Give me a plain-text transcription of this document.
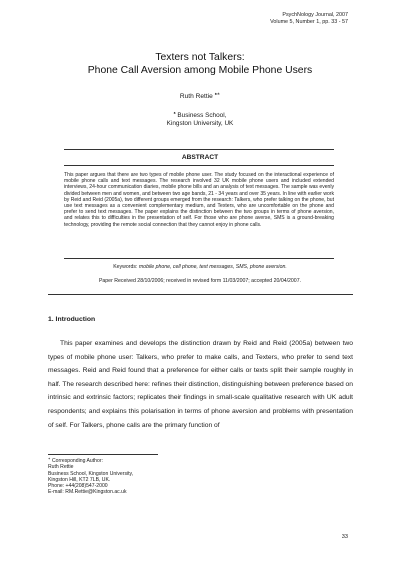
PsychNology Journal, 2007
Volume 5, Number 1, pp. 33 - 57
Texters not Talkers:
Phone Call Aversion among Mobile Phone Users
Ruth Rettie ♠∗
♠ Business School,
Kingston University, UK
ABSTRACT
This paper argues that there are two types of mobile phone user. The study focused on the interactional experience of mobile phone calls and text messages. The research involved 32 UK mobile phone users and included extended interviews, 24-hour communication diaries, mobile phone bills and an analysis of text messages. The sample was evenly divided between men and women, and between two age bands, 21 - 34 years and over 35 years. In line with earlier work by Reid and Reid (2005a), two different groups emerged from the research: Talkers, who prefer talking on the phone, but use text messages as a convenient complementary medium, and Texters, who are uncomfortable on the phone and prefer to send text messages. The paper explains the distinction between the two groups in terms of phone aversion, and relates this to difficulties in the presentation of self. For those who are phone averse, SMS is a ground-breaking technology, providing the remote social connection that they cannot enjoy in phone calls.
Keywords: mobile phone, cell phone, text messages, SMS, phone aversion.
Paper Received 28/10/2006; received in revised form 11/03/2007; accepted 20/04/2007.
1. Introduction
This paper examines and develops the distinction drawn by Reid and Reid (2005a) between two types of mobile phone user: Talkers, who prefer to make calls, and Texters, who prefer to send text messages. Reid and Reid found that a preference for either calls or texts split their sample roughly in half. The research described here: refines their distinction, distinguishing between preference based on intrinsic and extrinsic factors; replicates their findings in small-scale qualitative research with UK adult respondents; and explains this polarisation in terms of phone aversion and problems with presentation of self. For Talkers, phone calls are the primary function of
∗ Corresponding Author:
Ruth Rettie
Business School, Kingston University,
Kingston Hill, KT2 7LB, UK.
Phone: +44(208)547-2000
E-mail: RM.Rettie@Kingston.ac.uk
33
